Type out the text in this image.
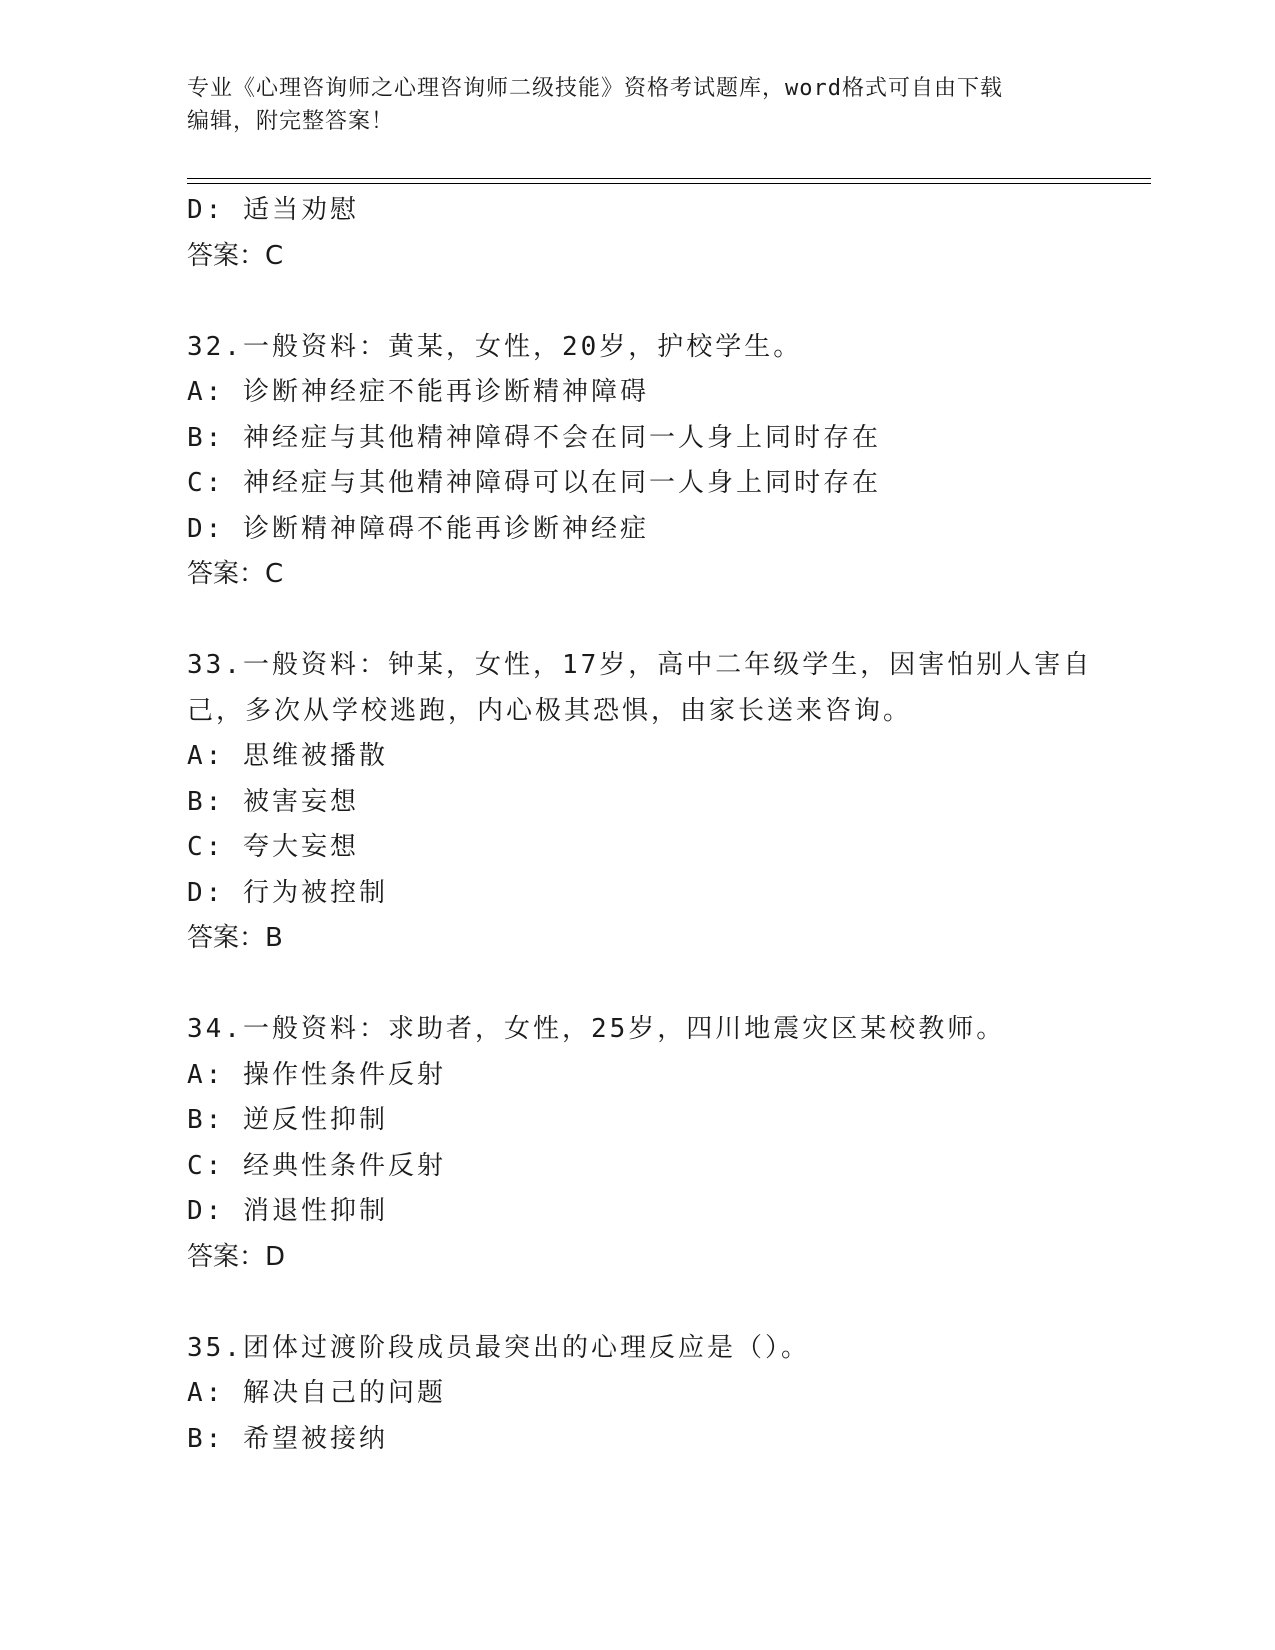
专业《心理咨询师之心理咨询师二级技能》资格考试题库，word格式可自由下载
编辑，附完整答案！
D: 适当劝慰
答案：C
32.一般资料：黄某，女性，20岁，护校学生。
A: 诊断神经症不能再诊断精神障碍
B: 神经症与其他精神障碍不会在同一人身上同时存在
C: 神经症与其他精神障碍可以在同一人身上同时存在
D: 诊断精神障碍不能再诊断神经症
答案：C
33.一般资料：钟某，女性，17岁，高中二年级学生，因害怕别人害自
己，多次从学校逃跑，内心极其恐惧，由家长送来咨询。
A: 思维被播散
B: 被害妄想
C: 夸大妄想
D: 行为被控制
答案：B
34.一般资料：求助者，女性，25岁，四川地震灾区某校教师。
A: 操作性条件反射
B: 逆反性抑制
C: 经典性条件反射
D: 消退性抑制
答案：D
35.团体过渡阶段成员最突出的心理反应是（）。
A: 解决自己的问题
B: 希望被接纳
